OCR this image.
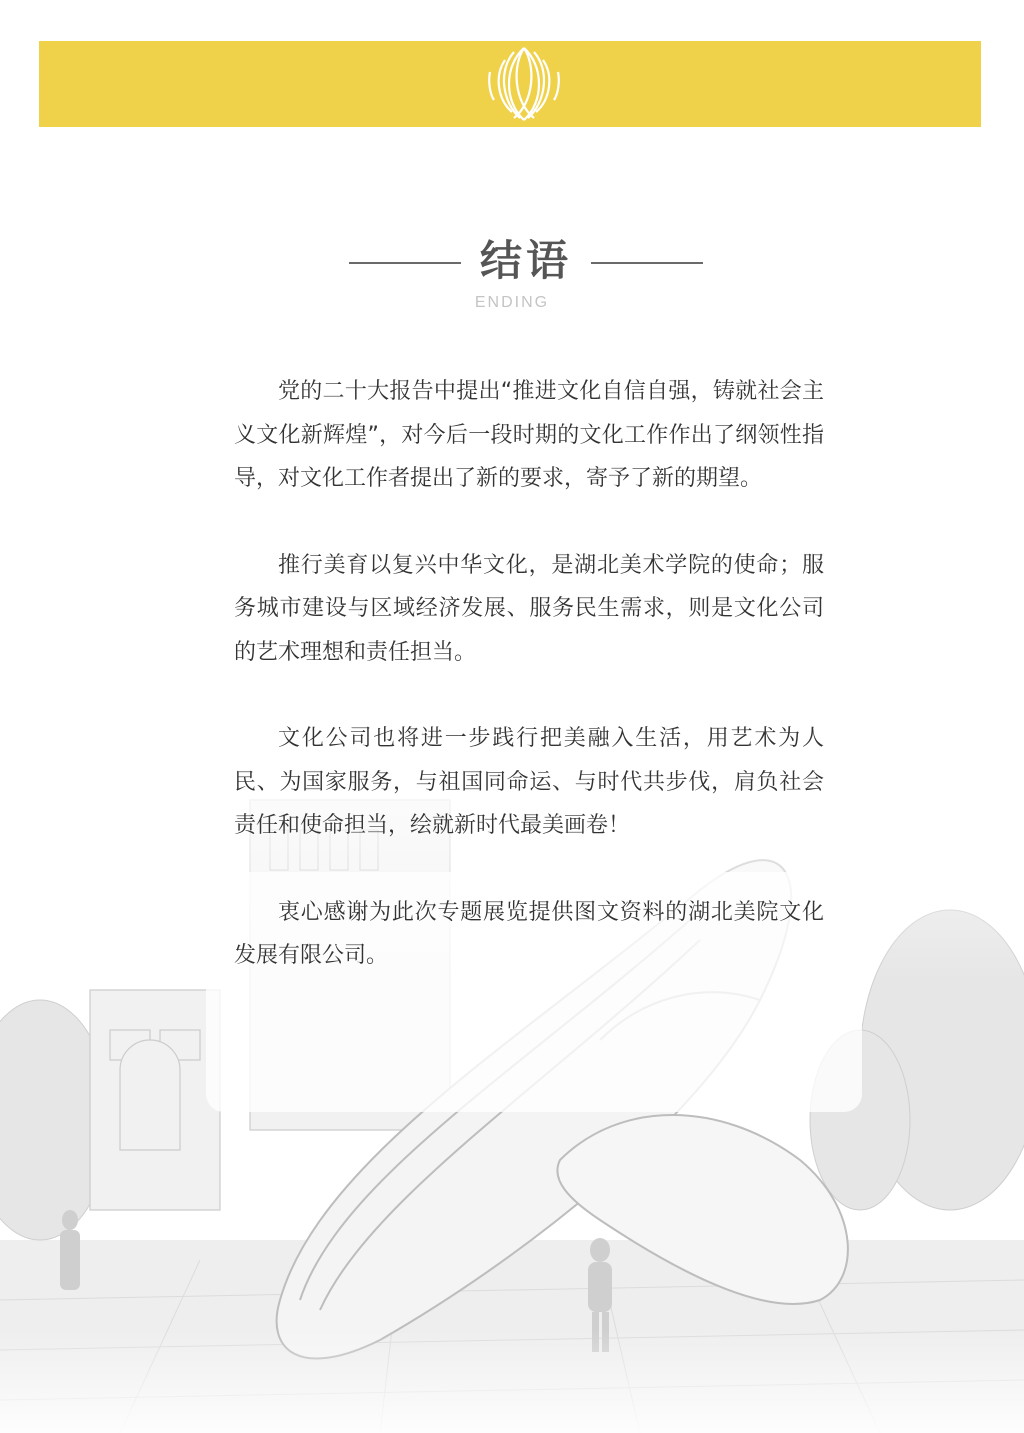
结语
ENDING

党的二十大报告中提出“推进文化自信自强，铸就社会主义文化新辉煌”，对今后一段时期的文化工作作出了纲领性指导，对文化工作者提出了新的要求，寄予了新的期望。

推行美育以复兴中华文化，是湖北美术学院的使命；服务城市建设与区域经济发展、服务民生需求，则是文化公司的艺术理想和责任担当。

文化公司也将进一步践行把美融入生活，用艺术为人民、为国家服务，与祖国同命运、与时代共步伐，肩负社会责任和使命担当，绘就新时代最美画卷！

衷心感谢为此次专题展览提供图文资料的湖北美院文化发展有限公司。
